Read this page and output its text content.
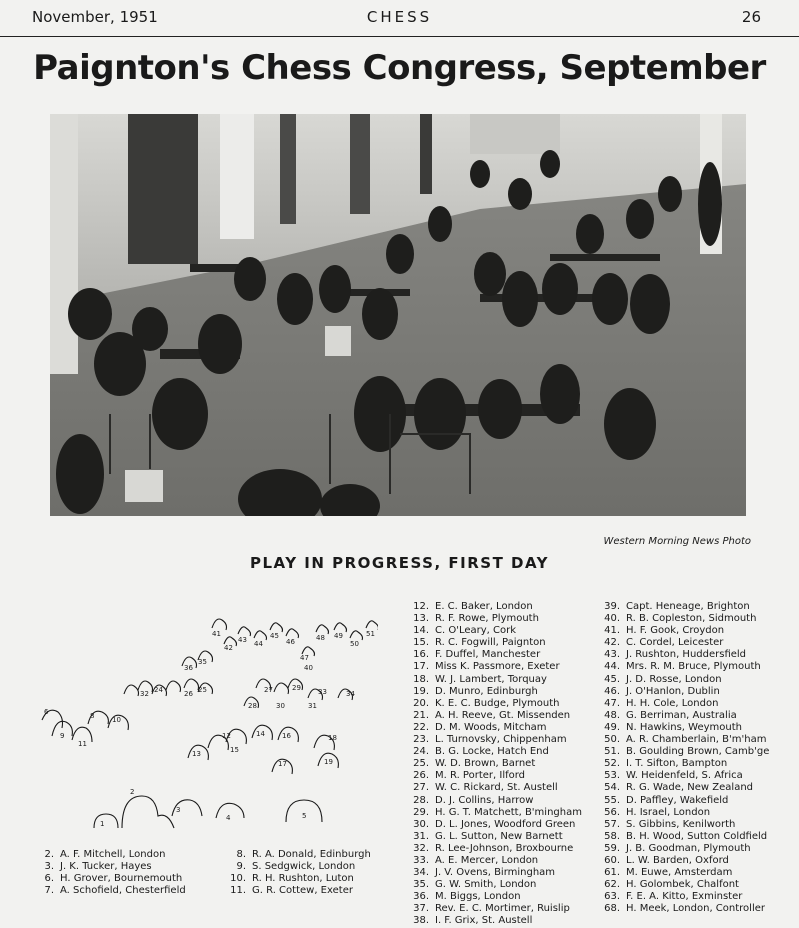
November, 1951	CHESS	26
Paignton's Chess Congress, September
Western Morning News Photo
PLAY IN PROGRESS, FIRST DAY
1
2
3
4	5
6	8
9
10
11
12
13
14
15
16
17
18
19
24	25
26	27
28
29
30	31
32	33	34
35
36	40
41
42
43 44
45
46
47
48 49
50
51
2. A. F. Mitchell, London
3. J. K. Tucker, Hayes
6. H. Grover, Bournemouth
7. A. Schofield, Chesterfield
8. R. A. Donald, Edinburgh
9. S. Sedgwick, London
10. R. H. Rushton, Luton
11. G. R. Cottew, Exeter
12. E. C. Baker, London
13. R. F. Rowe, Plymouth
14. C. O'Leary, Cork
15. R. C. Fogwill, Paignton
16. F. Duffel, Manchester
17. Miss K. Passmore, Exeter
18. W. J. Lambert, Torquay
19. D. Munro, Edinburgh
20. K. E. C. Budge, Plymouth
21. A. H. Reeve, Gt. Missenden
22. D. M. Woods, Mitcham
23. L. Turnovsky, Chippenham
24. B. G. Locke, Hatch End
25. W. D. Brown, Barnet
26. M. R. Porter, Ilford
27. W. C. Rickard, St. Austell
28. D. J. Collins, Harrow
29. H. G. T. Matchett, B'mingham
30. D. L. Jones, Woodford Green
31. G. L. Sutton, New Barnett
32. R. Lee-Johnson, Broxbourne
33. A. E. Mercer, London
34. J. V. Ovens, Birmingham
35. G. W. Smith, London
36. M. Biggs, London
37. Rev. E. C. Mortimer, Ruislip
38. I. F. Grix, St. Austell
39. Capt. Heneage, Brighton
40. R. B. Copleston, Sidmouth
41. H. F. Gook, Croydon
42. C. Cordel, Leicester
43. J. Rushton, Huddersfield
44. Mrs. R. M. Bruce, Plymouth
45. J. D. Rosse, London
46. J. O'Hanlon, Dublin
47. H. H. Cole, London
48. G. Berriman, Australia
49. N. Hawkins, Weymouth
50. A. R. Chamberlain, B'm'ham
51. B. Goulding Brown, Camb'ge
52. I. T. Sifton, Bampton
53. W. Heidenfeld, S. Africa
54. R. G. Wade, New Zealand
55. D. Paffley, Wakefield
56. H. Israel, London
57. S. Gibbins, Kenilworth
58. B. H. Wood, Sutton Coldfield
59. J. B. Goodman, Plymouth
60. L. W. Barden, Oxford
61. M. Euwe, Amsterdam
62. H. Golombek, Chalfont
63. F. E. A. Kitto, Exminster
68. H. Meek, London, Controller
